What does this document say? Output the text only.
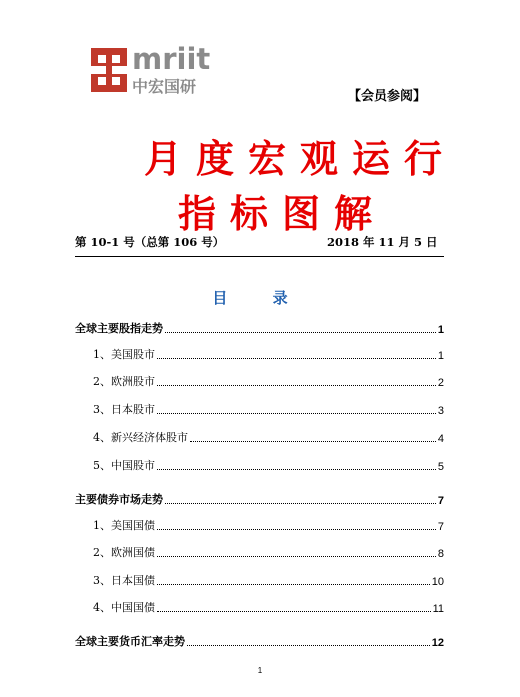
mriit
中宏国研
【会员参阅】
月度宏观运行
指标图解
第 10-1 号（总第 106 号）	2018 年 11 月 5 日
目 录
全球主要股指走势	1
1、美国股市	1
2、欧洲股市	2
3、日本股市	3
4、新兴经济体股市	4
5、中国股市	5
主要债券市场走势	7
1、美国国债	7
2、欧洲国债	8
3、日本国债	10
4、中国国债	11
全球主要货币汇率走势	12
1
